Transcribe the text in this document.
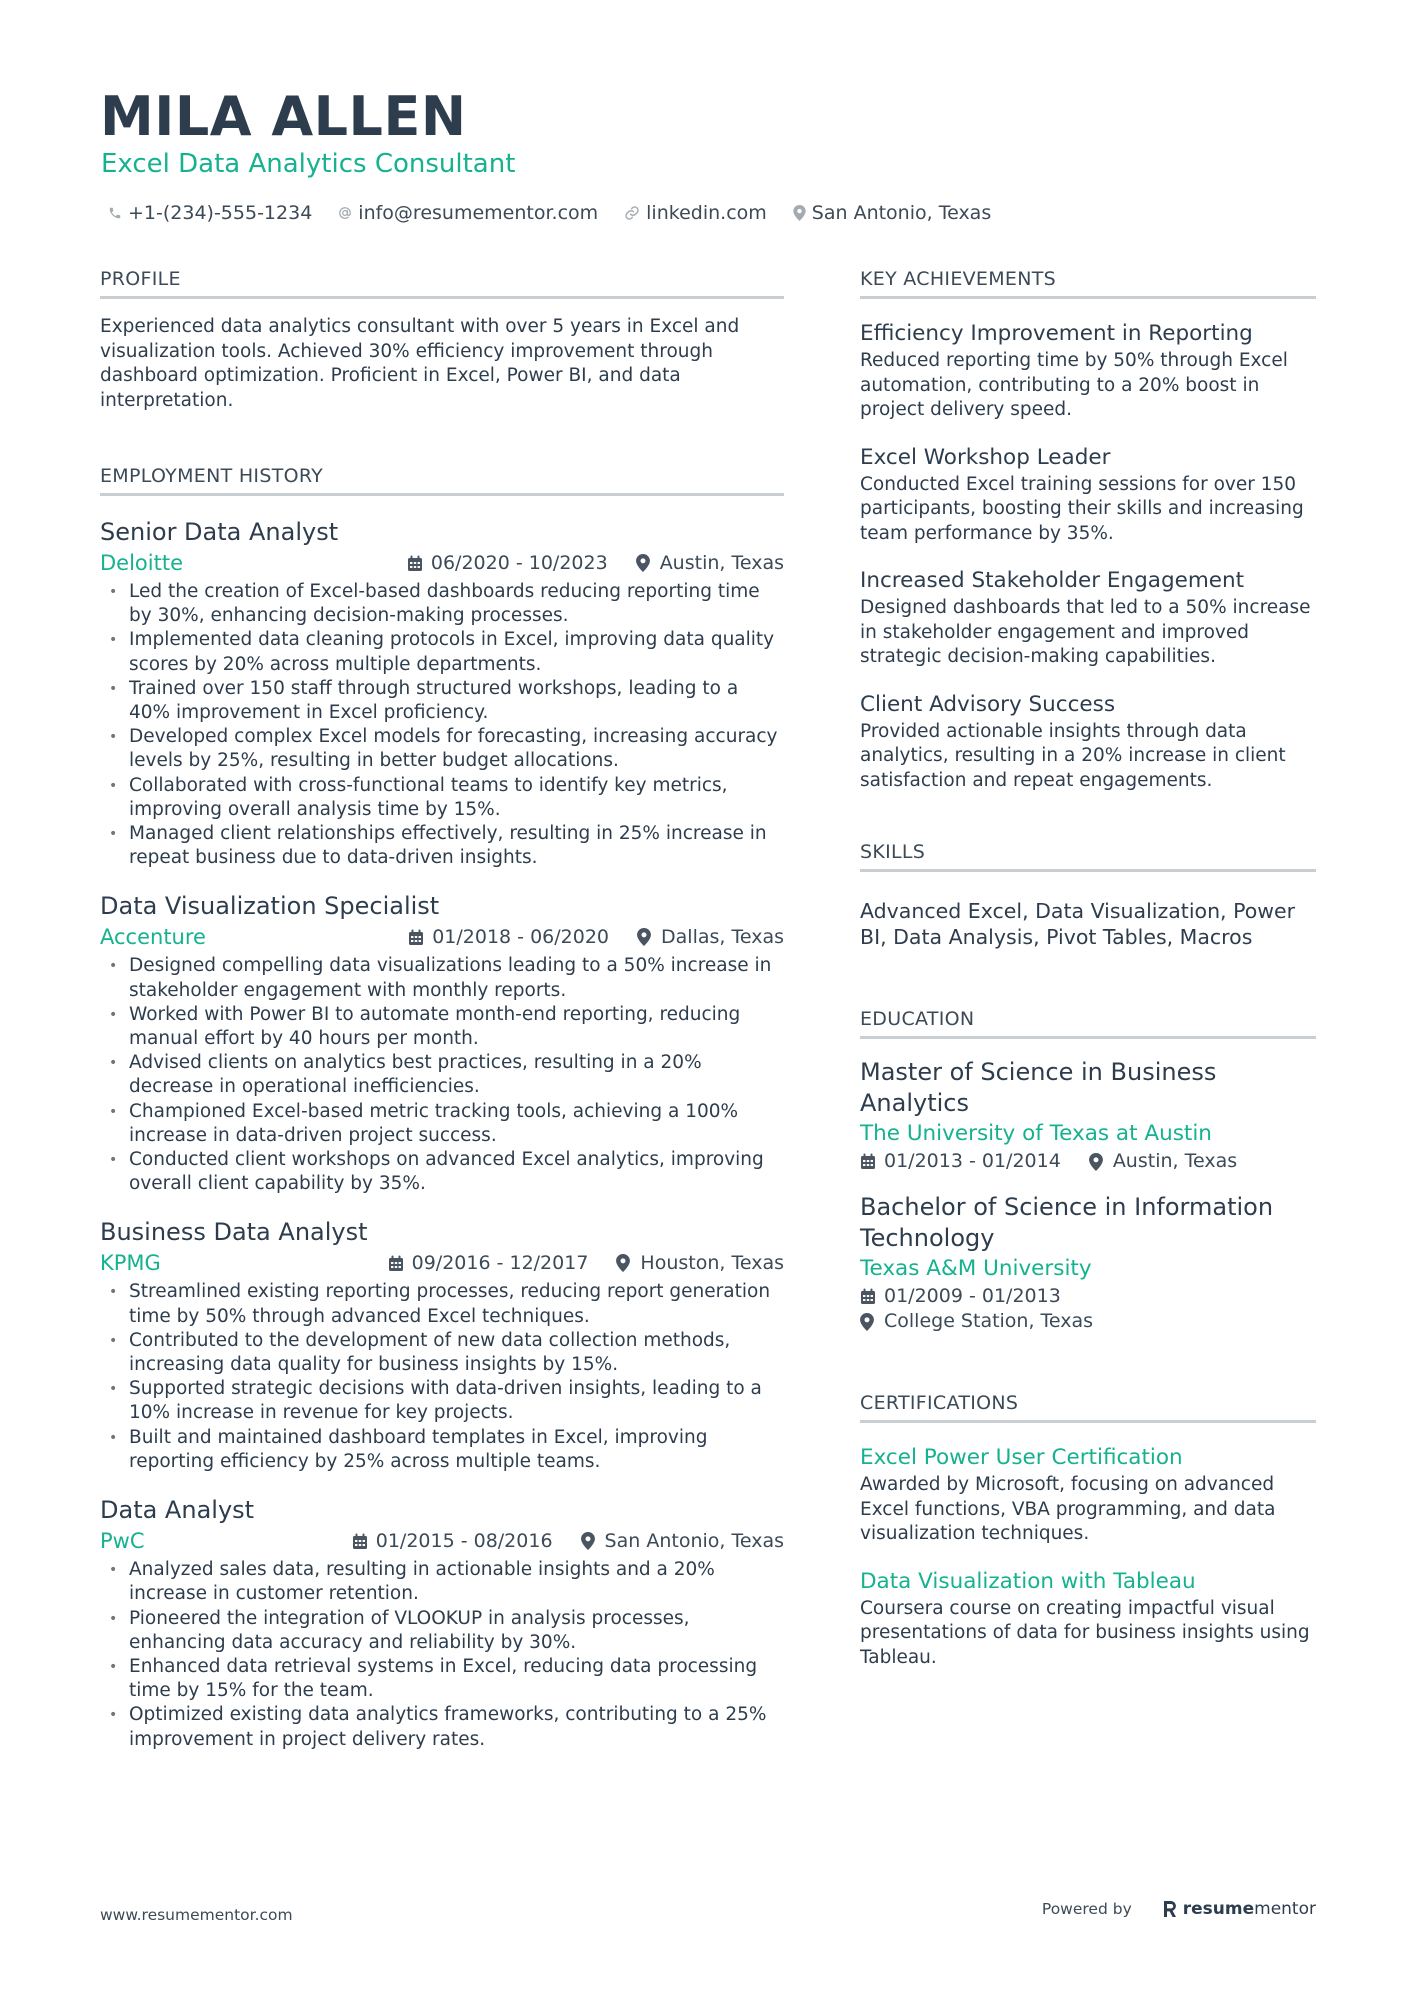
MILA ALLEN
Excel Data Analytics Consultant
+1-(234)-555-1234 info@resumementor.com	linkedin.com San Antonio, Texas
PROFILE

Experienced data analytics consultant with over 5 years in Excel and visualization tools. Achieved 30% efficiency improvement through dashboard optimization. Proficient in Excel, Power BI, and data interpretation.

EMPLOYMENT HISTORY
Senior Data Analyst
Deloitte	06/2020 - 10/2023	Austin, Texas
• Led the creation of Excel-based dashboards reducing reporting time by 30%, enhancing decision-making processes.
• Implemented data cleaning protocols in Excel, improving data quality scores by 20% across multiple departments.
• Trained over 150 staff through structured workshops, leading to a 40% improvement in Excel proficiency.
• Developed complex Excel models for forecasting, increasing accuracy levels by 25%, resulting in better budget allocations.
• Collaborated with cross-functional teams to identify key metrics, improving overall analysis time by 15%.
• Managed client relationships effectively, resulting in 25% increase in repeat business due to data-driven insights.
Data Visualization Specialist
Accenture	01/2018 - 06/2020	Dallas, Texas
• Designed compelling data visualizations leading to a 50% increase in stakeholder engagement with monthly reports.
• Worked with Power BI to automate month-end reporting, reducing manual effort by 40 hours per month.
• Advised clients on analytics best practices, resulting in a 20% decrease in operational inefficiencies.
• Championed Excel-based metric tracking tools, achieving a 100% increase in data-driven project success.
• Conducted client workshops on advanced Excel analytics, improving overall client capability by 35%.
Business Data Analyst
KPMG	09/2016 - 12/2017	Houston, Texas
• Streamlined existing reporting processes, reducing report generation time by 50% through advanced Excel techniques.
• Contributed to the development of new data collection methods, increasing data quality for business insights by 15%.
• Supported strategic decisions with data-driven insights, leading to a 10% increase in revenue for key projects.
• Built and maintained dashboard templates in Excel, improving reporting efficiency by 25% across multiple teams.
Data Analyst
PwC	01/2015 - 08/2016	San Antonio, Texas
• Analyzed sales data, resulting in actionable insights and a 20% increase in customer retention.
• Pioneered the integration of VLOOKUP in analysis processes, enhancing data accuracy and reliability by 30%.
• Enhanced data retrieval systems in Excel, reducing data processing time by 15% for the team.
• Optimized existing data analytics frameworks, contributing to a 25% improvement in project delivery rates.
KEY ACHIEVEMENTS
Efficiency Improvement in Reporting

Reduced reporting time by 50% through Excel automation, contributing to a 20% boost in project delivery speed.

Excel Workshop Leader

Conducted Excel training sessions for over 150 participants, boosting their skills and increasing team performance by 35%.

Increased Stakeholder Engagement

Designed dashboards that led to a 50% increase in stakeholder engagement and improved strategic decision-making capabilities.

Client Advisory Success

Provided actionable insights through data analytics, resulting in a 20% increase in client satisfaction and repeat engagements.

SKILLS

Advanced Excel, Data Visualization, Power BI, Data Analysis, Pivot Tables, Macros

EDUCATION
Master of Science in Business Analytics
The University of Texas at Austin
01/2013 - 01/2014	Austin, Texas
Bachelor of Science in Information Technology
Texas A&M University
01/2009 - 01/2013
College Station, Texas
CERTIFICATIONS
Excel Power User Certification

Awarded by Microsoft, focusing on advanced Excel functions, VBA programming, and data visualization techniques.

Data Visualization with Tableau

Coursera course on creating impactful visual presentations of data for business insights using Tableau.

www.resumementor.com	Powered by	resume mentor
